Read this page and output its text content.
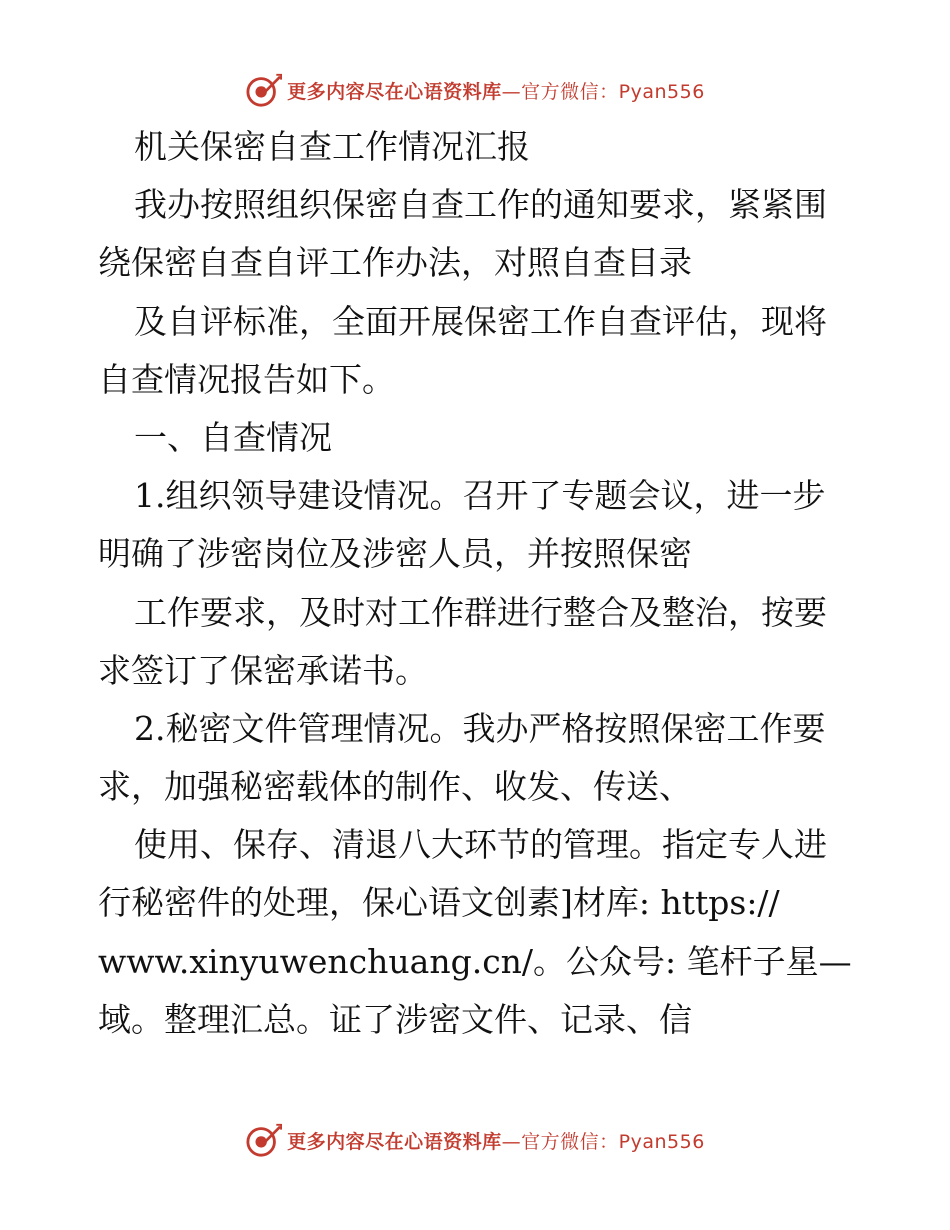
更多内容尽在心语资料库—官方微信：Pyan556
机关保密自查工作情况汇报
我办按照组织保密自查工作的通知要求，紧紧围
绕保密自查自评工作办法，对照自查目录
及自评标准，全面开展保密工作自查评估，现将
自查情况报告如下。
一、自查情况
1.组织领导建设情况。召开了专题会议，进一步
明确了涉密岗位及涉密人员，并按照保密
工作要求，及时对工作群进行整合及整治，按要
求签订了保密承诺书。
2.秘密文件管理情况。我办严格按照保密工作要
求，加强秘密载体的制作、收发、传送、
使用、保存、清退八大环节的管理。指定专人进
行秘密件的处理，保心语文创素]材库: https://
www.xinyuwenchuang.cn/。公众号: 笔杆子星—
域。整理汇总。证了涉密文件、记录、信
更多内容尽在心语资料库—官方微信：Pyan556
